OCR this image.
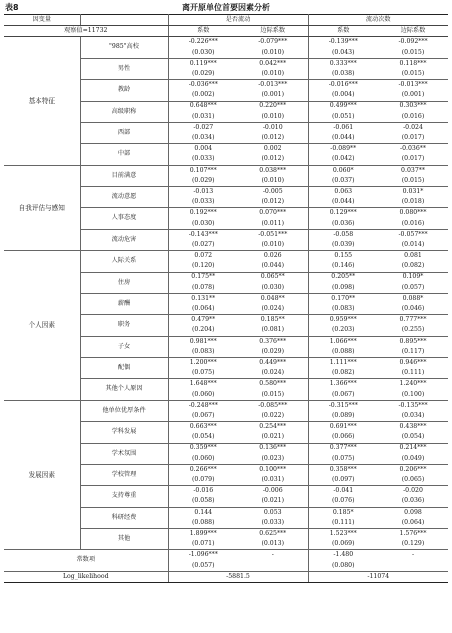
表8	离开原单位首要因素分析
因变量		是否流动		流动次数	
观察值=11732		系数	边际系数	系数	边际系数
基本特征	"985"高校	-0.226***	-0.079***	-0.139***	-0.092***
		(0.030)	(0.010)	(0.043)	(0.015)
	男性	0.119***	0.042***	0.333***	0.118***
		(0.029)	(0.010)	(0.038)	(0.015)
	教龄	-0.036***	-0.013***	-0.016***	-0.013***
		(0.002)	(0.001)	(0.004)	(0.001)
	高级职称	0.648***	0.220***	0.499***	0.303***
		(0.031)	(0.010)	(0.051)	(0.016)
	西部	-0.027	-0.010	-0.061	-0.024
		(0.034)	(0.012)	(0.044)	(0.017)
	中部	0.004	0.002	-0.089**	-0.036**
		(0.033)	(0.012)	(0.042)	(0.017)
自我评估与感知	目前满意	0.107***	0.038***	0.060*	0.037**
		(0.029)	(0.010)	(0.037)	(0.015)
	流动意愿	-0.013	-0.005	0.063	0.031*
		(0.033)	(0.012)	(0.044)	(0.018)
	人事态度	0.192***	0.070***	0.129***	0.080***
		(0.030)	(0.011)	(0.036)	(0.016)
	流动危害	-0.143***	-0.051***	-0.058	-0.057***
		(0.027)	(0.010)	(0.039)	(0.014)
个人因素	人际关系	0.072	0.026	0.155	0.081
		(0.120)	(0.044)	(0.146)	(0.082)
	住房	0.175**	0.065**	0.205**	0.109*
		(0.078)	(0.030)	(0.098)	(0.057)
	薪酬	0.131**	0.048**	0.170**	0.088*
		(0.064)	(0.024)	(0.083)	(0.046)
	职务	0.479**	0.185**	0.959***	0.777***
		(0.204)	(0.081)	(0.203)	(0.255)
	子女	0.981***	0.376***	1.066***	0.895***
		(0.083)	(0.029)	(0.088)	(0.117)
	配偶	1.200***	0.449***	1.111***	0.946***
		(0.075)	(0.024)	(0.082)	(0.111)
	其他个人原因	1.648***	0.580***	1.366***	1.240***
		(0.060)	(0.015)	(0.067)	(0.100)
发展因素	他单位优厚条件	-0.248***	-0.085***	-0.315***	-0.135***
		(0.067)	(0.022)	(0.089)	(0.034)
	学科发展	0.663***	0.254***	0.691***	0.438***
		(0.054)	(0.021)	(0.066)	(0.054)
	学术氛围	0.359***	0.136***	0.377***	0.214***
		(0.060)	(0.023)	(0.075)	(0.049)
	学校管理	0.266***	0.100***	0.358***	0.206***
		(0.079)	(0.031)	(0.097)	(0.065)
	支持尊重	-0.016	-0.006	-0.041	-0.020
		(0.058)	(0.021)	(0.076)	(0.036)
	科研经费	0.144	0.053	0.185*	0.098
		(0.088)	(0.033)	(0.111)	(0.064)
	其他	1.899***	0.625***	1.523***	1.576***
		(0.071)	(0.013)	(0.069)	(0.129)
常数项		-1.096***	-	-1.480	-
		(0.057)		(0.080)	
Log_likelihood		-5881.5		-11074	
